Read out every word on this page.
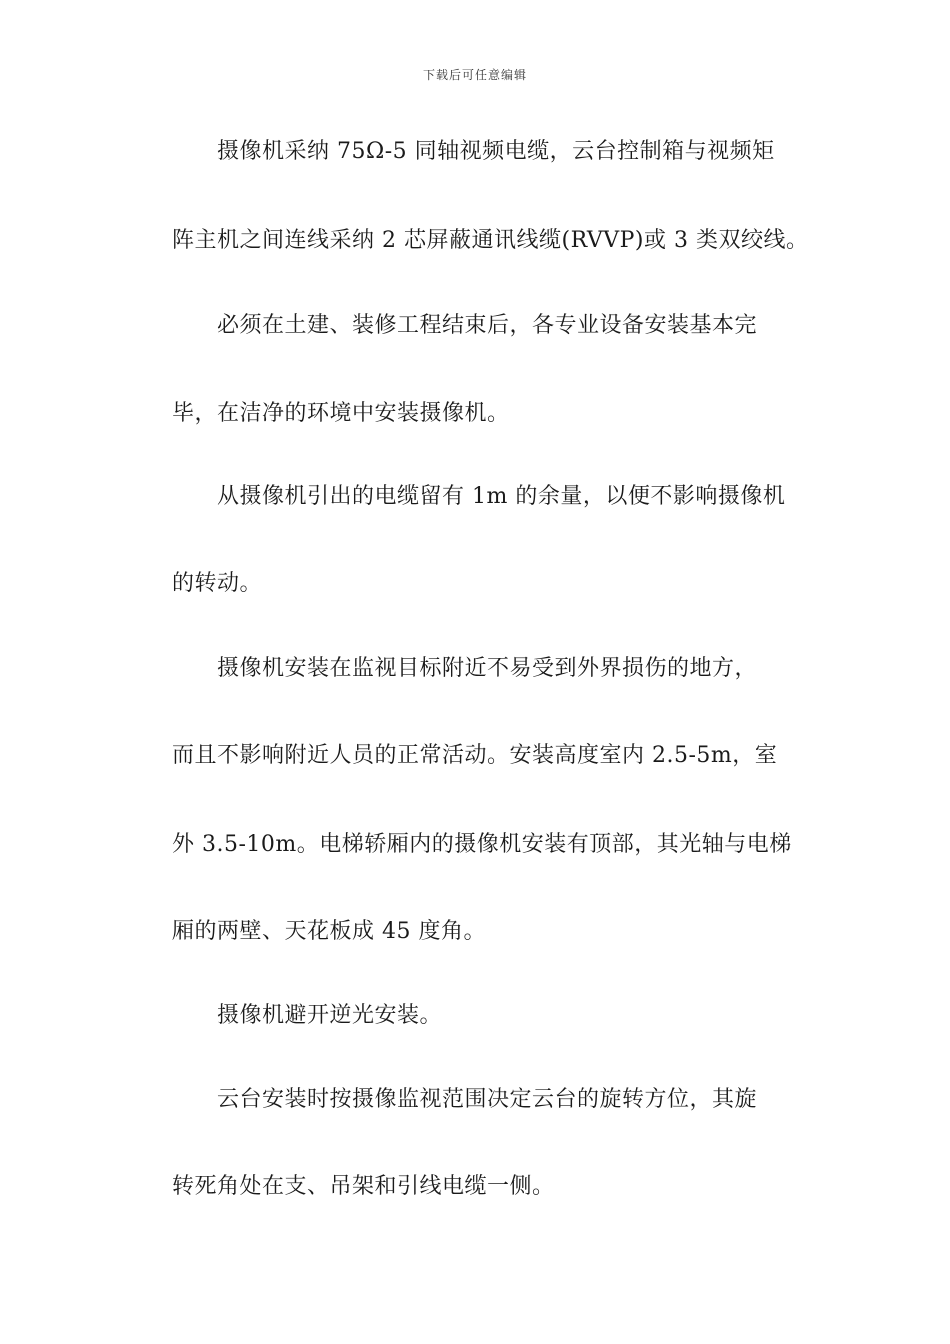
下载后可任意编辑
摄像机采纳 75Ω-5 同轴视频电缆，云台控制箱与视频矩
阵主机之间连线采纳 2 芯屏蔽通讯线缆(RVVP)或 3 类双绞线。
必须在土建、装修工程结束后，各专业设备安装基本完
毕，在洁净的环境中安装摄像机。
从摄像机引出的电缆留有 1m 的余量，以便不影响摄像机
的转动。
摄像机安装在监视目标附近不易受到外界损伤的地方，
而且不影响附近人员的正常活动。安装高度室内 2.5-5m，室
外 3.5-10m。电梯轿厢内的摄像机安装有顶部，其光轴与电梯
厢的两壁、天花板成 45 度角。
摄像机避开逆光安装。
云台安装时按摄像监视范围决定云台的旋转方位，其旋
转死角处在支、吊架和引线电缆一侧。
